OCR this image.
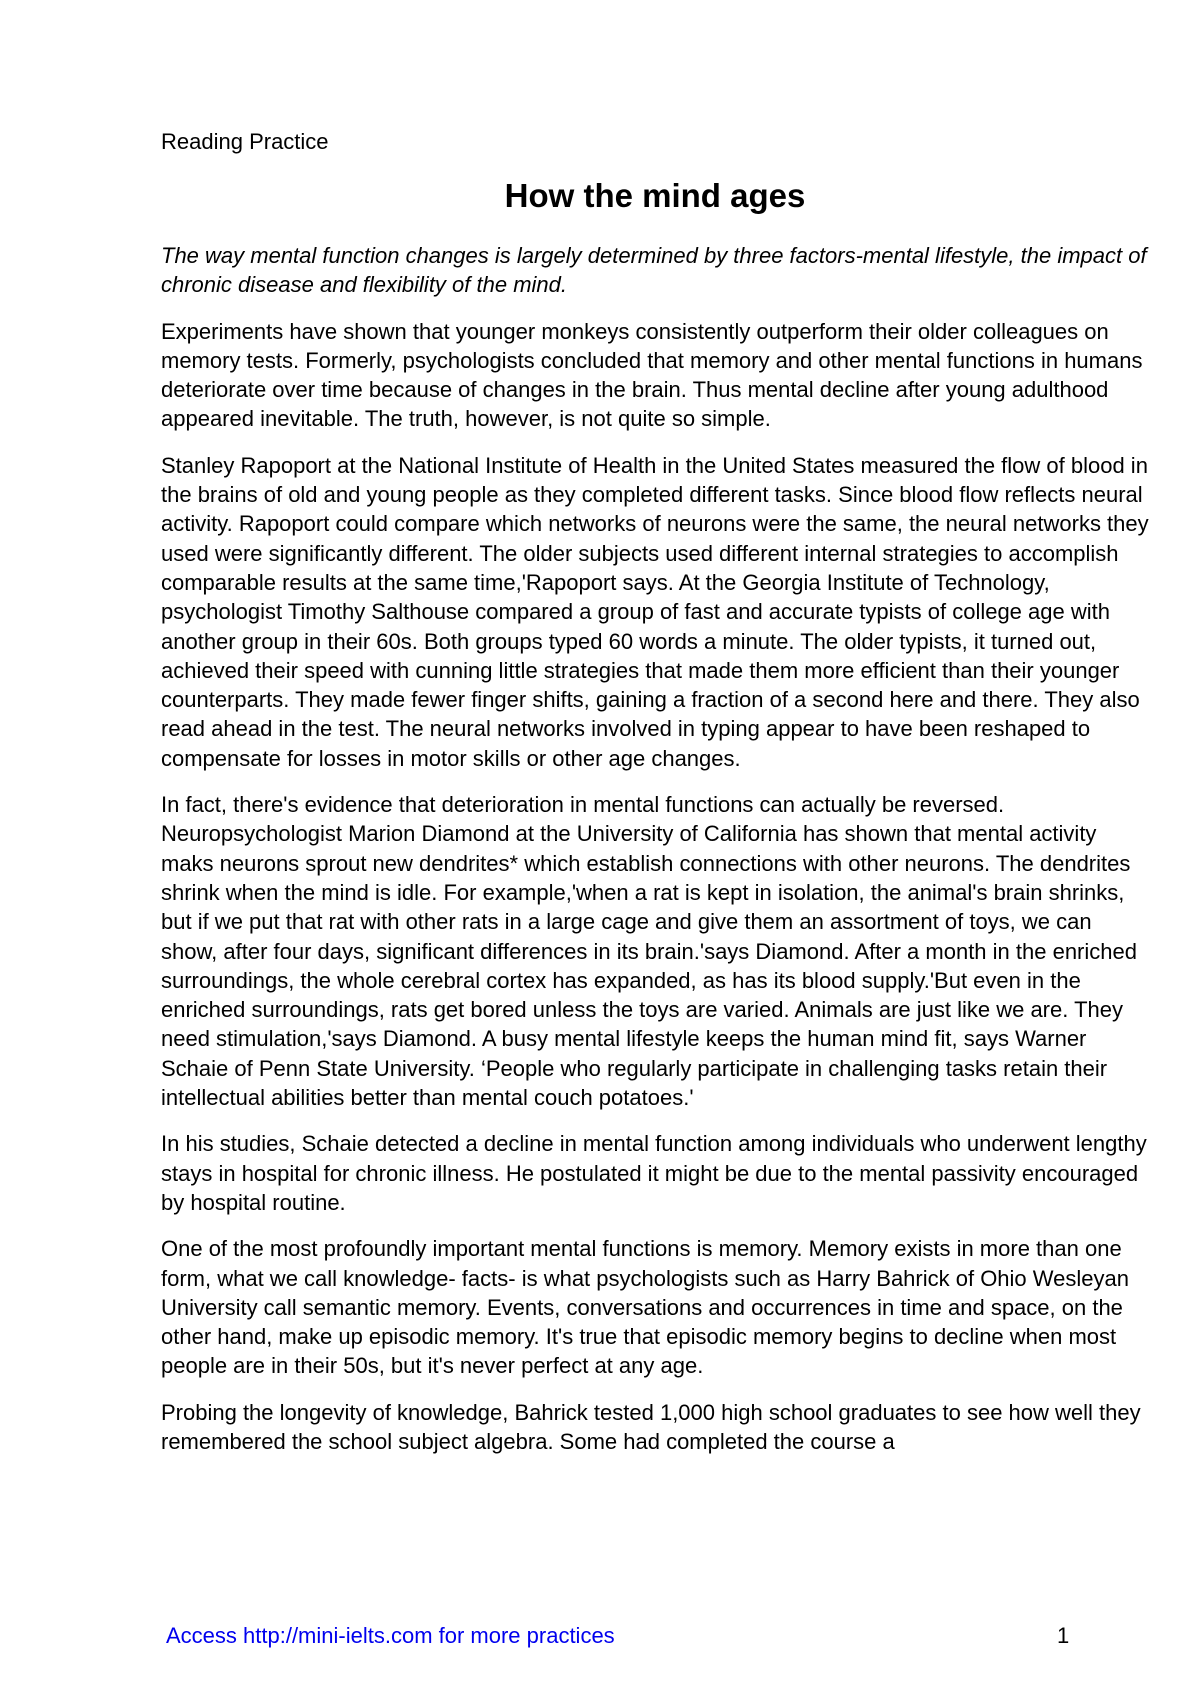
Reading Practice
How the mind ages

The way mental function changes is largely determined by three factors-mental lifestyle, the impact of chronic disease and flexibility of the mind.

Experiments have shown that younger monkeys consistently outperform their older colleagues on memory tests. Formerly, psychologists concluded that memory and other mental functions in humans deteriorate over time because of changes in the brain. Thus mental decline after young adulthood appeared inevitable. The truth, however, is not quite so simple.

Stanley Rapoport at the National Institute of Health in the United States measured the flow of blood in the brains of old and young people as they completed different tasks. Since blood flow reflects neural activity. Rapoport could compare which networks of neurons were the same, the neural networks they used were significantly different. The older subjects used different internal strategies to accomplish comparable results at the same time,'Rapoport says. At the Georgia Institute of Technology, psychologist Timothy Salthouse compared a group of fast and accurate typists of college age with another group in their 60s. Both groups typed 60 words a minute. The older typists, it turned out, achieved their speed with cunning little strategies that made them more efficient than their younger counterparts. They made fewer finger shifts, gaining a fraction of a second here and there. They also read ahead in the test. The neural networks involved in typing appear to have been reshaped to compensate for losses in motor skills or other age changes.

In fact, there's evidence that deterioration in mental functions can actually be reversed. Neuropsychologist Marion Diamond at the University of California has shown that mental activity maks neurons sprout new dendrites* which establish connections with other neurons. The dendrites shrink when the mind is idle. For example,'when a rat is kept in isolation, the animal's brain shrinks, but if we put that rat with other rats in a large cage and give them an assortment of toys, we can show, after four days, significant differences in its brain.'says Diamond. After a month in the enriched surroundings, the whole cerebral cortex has expanded, as has its blood supply.'But even in the enriched surroundings, rats get bored unless the toys are varied. Animals are just like we are. They need stimulation,'says Diamond. A busy mental lifestyle keeps the human mind fit, says Warner Schaie of Penn State University. ‘People who regularly participate in challenging tasks retain their intellectual abilities better than mental couch potatoes.'

In his studies, Schaie detected a decline in mental function among individuals who underwent lengthy stays in hospital for chronic illness. He postulated it might be due to the mental passivity encouraged by hospital routine.

One of the most profoundly important mental functions is memory. Memory exists in more than one form, what we call knowledge- facts- is what psychologists such as Harry Bahrick of Ohio Wesleyan University call semantic memory. Events, conversations and occurrences in time and space, on the other hand, make up episodic memory. It's true that episodic memory begins to decline when most people are in their 50s, but it's never perfect at any age.

Probing the longevity of knowledge, Bahrick tested 1,000 high school graduates to see how well they remembered the school subject algebra. Some had completed the course a

Access http://mini-ielts.com for more practices	1
